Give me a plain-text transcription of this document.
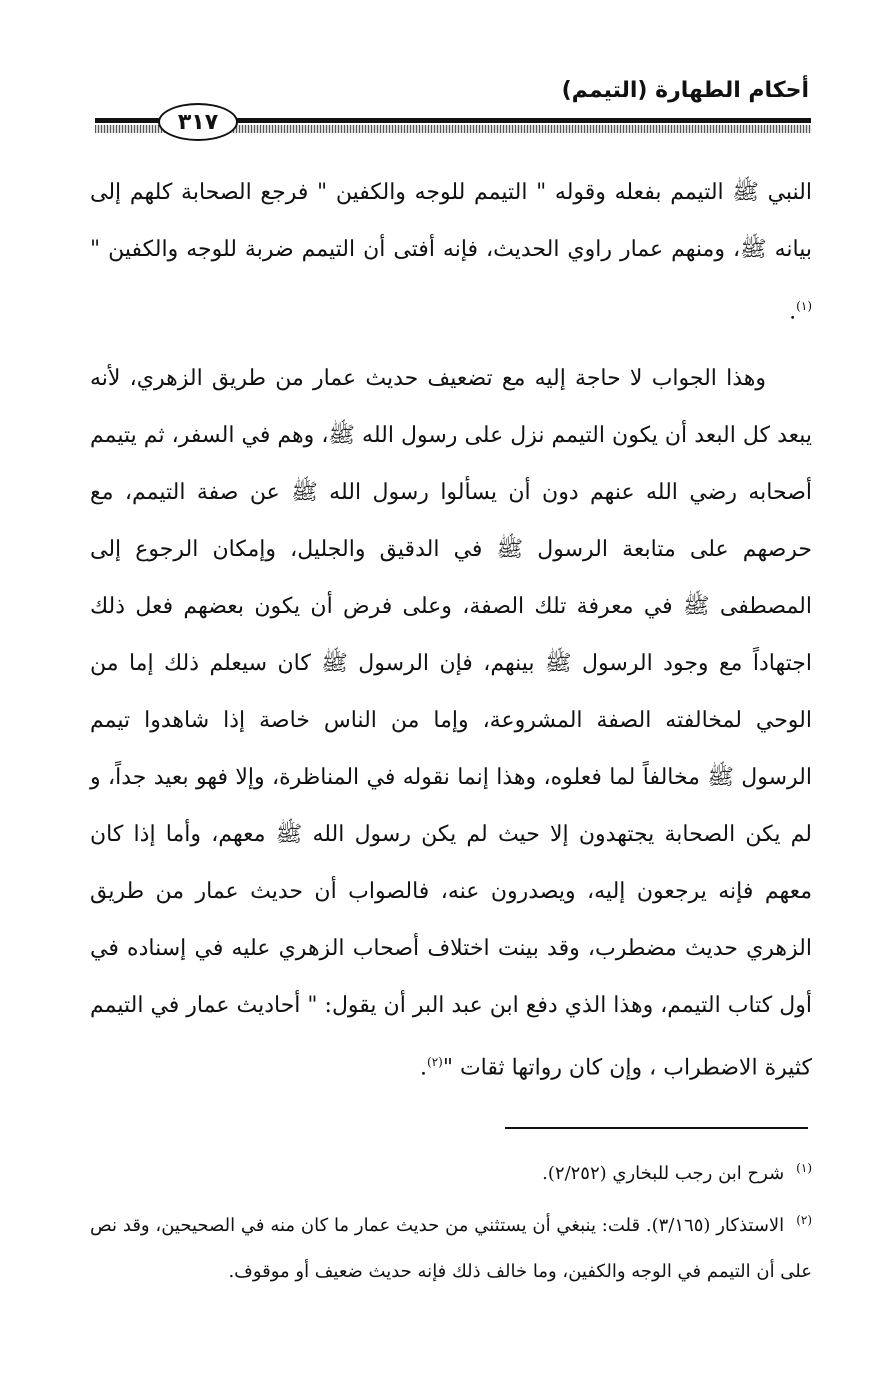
أحكام الطهارة (التيمم)
٣١٧

النبي ﷺ التيمم بفعله وقوله " التيمم للوجه والكفين " فرجع الصحابة كلهم إلى بيانه ﷺ، ومنهم عمار راوي الحديث، فإنه أفتى أن التيمم ضربة للوجه والكفين " $^{(١)}$.

وهذا الجواب لا حاجة إليه مع تضعيف حديث عمار من طريق الزهري، لأنه يبعد كل البعد أن يكون التيمم نزل على رسول الله ﷺ، وهم في السفر، ثم يتيمم أصحابه رضي الله عنهم دون أن يسألوا رسول الله ﷺ عن صفة التيمم، مع حرصهم على متابعة الرسول ﷺ في الدقيق والجليل، وإمكان الرجوع إلى المصطفى ﷺ في معرفة تلك الصفة، وعلى فرض أن يكون بعضهم فعل ذلك اجتهاداً مع وجود الرسول ﷺ بينهم، فإن الرسول ﷺ كان سيعلم ذلك إما من الوحي لمخالفته الصفة المشروعة، وإما من الناس خاصة إذا شاهدوا تيمم الرسول ﷺ مخالفاً لما فعلوه، وهذا إنما نقوله في المناظرة، وإلا فهو بعيد جداً، و لم يكن الصحابة يجتهدون إلا حيث لم يكن رسول الله ﷺ معهم، وأما إذا كان معهم فإنه يرجعون إليه، ويصدرون عنه، فالصواب أن حديث عمار من طريق الزهري حديث مضطرب، وقد بينت اختلاف أصحاب الزهري عليه في إسناده في أول كتاب التيمم، وهذا الذي دفع ابن عبد البر أن يقول: " أحاديث عمار في التيمم كثيرة الاضطراب ، وإن كان رواتها ثقات "$^{(٢)}$.

$^{(١)}$شرح ابن رجب للبخاري (٢/٢٥٢).

$^{(٢)}$الاستذكار (٣/١٦٥). قلت: ينبغي أن يستثني من حديث عمار ما كان منه في الصحيحين، وقد نص على أن التيمم في الوجه والكفين، وما خالف ذلك فإنه حديث ضعيف أو موقوف.
